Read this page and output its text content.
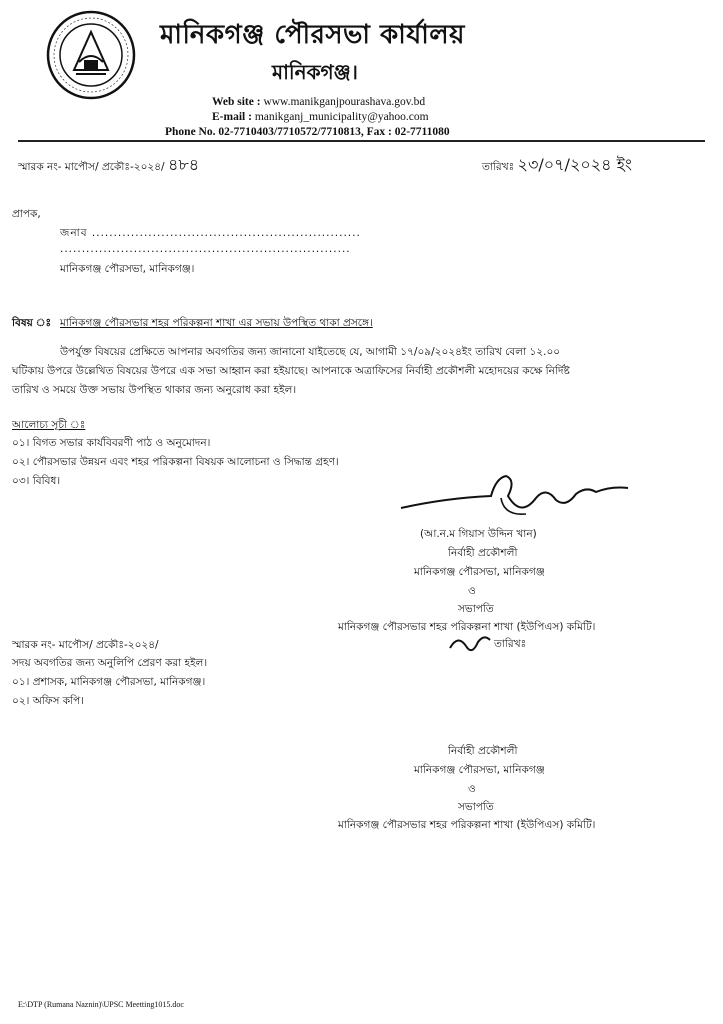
মানিকগঞ্জ পৌরসভা কার্যালয়
মানিকগঞ্জ।
Web site : www.manikganjpourashava.gov.bd
E-mail : manikganj_municipality@yahoo.com
Phone No. 02-7710403/7710572/7710813, Fax : 02-7711080
স্মারক নং- মাপৌস/ প্রকৌঃ-২০২৪/ ৪৮৪	তারিখঃ ২৩/০৭/২০২৪ ইং
প্রাপক,
জনাব ..............................................................
...................................................................
মানিকগঞ্জ পৌরসভা, মানিকগঞ্জ।
বিষয় ঃ মানিকগঞ্জ পৌরসভার শহর পরিকল্পনা শাখা এর সভায় উপস্থিত থাকা প্রসঙ্গে।
উপর্যুক্ত বিষয়ের প্রেক্ষিতে আপনার অবগতির জন্য জানানো যাইতেছে যে, আগামী ১৭/০৯/২০২৪ইং তারিখ বেলা ১২.০০
ঘটিকায় উপরে উল্লেখিত বিষয়ের উপরে এক সভা আহ্বান করা হইয়াছে। আপনাকে অত্রাফিসের নির্বাহী প্রকৌশলী মহোদয়ের কক্ষে নির্দিষ্ট
তারিখ ও সময়ে উক্ত সভায় উপস্থিত থাকার জন্য অনুরোধ করা হইল।
আলোচ্য সূচী ঃ
০১। বিগত সভার কার্যবিবরণী পাঠ ও অনুমোদন।
০২। পৌরসভার উন্নয়ন এবং শহর পরিকল্পনা বিষয়ক আলোচনা ও সিদ্ধান্ত গ্রহণ।
০৩। বিবিধ।
(আ.ন.ম গিয়াস উদ্দিন খান)
নির্বাহী প্রকৌশলী
মানিকগঞ্জ পৌরসভা, মানিকগঞ্জ
ও
সভাপতি
মানিকগঞ্জ পৌরসভার শহর পরিকল্পনা শাখা (ইউপিএস) কমিটি।
তারিখঃ
স্মারক নং- মাপৌস/ প্রকৌঃ-২০২৪/
সদয় অবগতির জন্য অনুলিপি প্রেরণ করা হইল।
০১। প্রশাসক, মানিকগঞ্জ পৌরসভা, মানিকগঞ্জ।
০২। অফিস কপি।
নির্বাহী প্রকৌশলী
মানিকগঞ্জ পৌরসভা, মানিকগঞ্জ
ও
সভাপতি
মানিকগঞ্জ পৌরসভার শহর পরিকল্পনা শাখা (ইউপিএস) কমিটি।
E:\DTP (Rumana Naznin)\UPSC Meetting1015.doc
